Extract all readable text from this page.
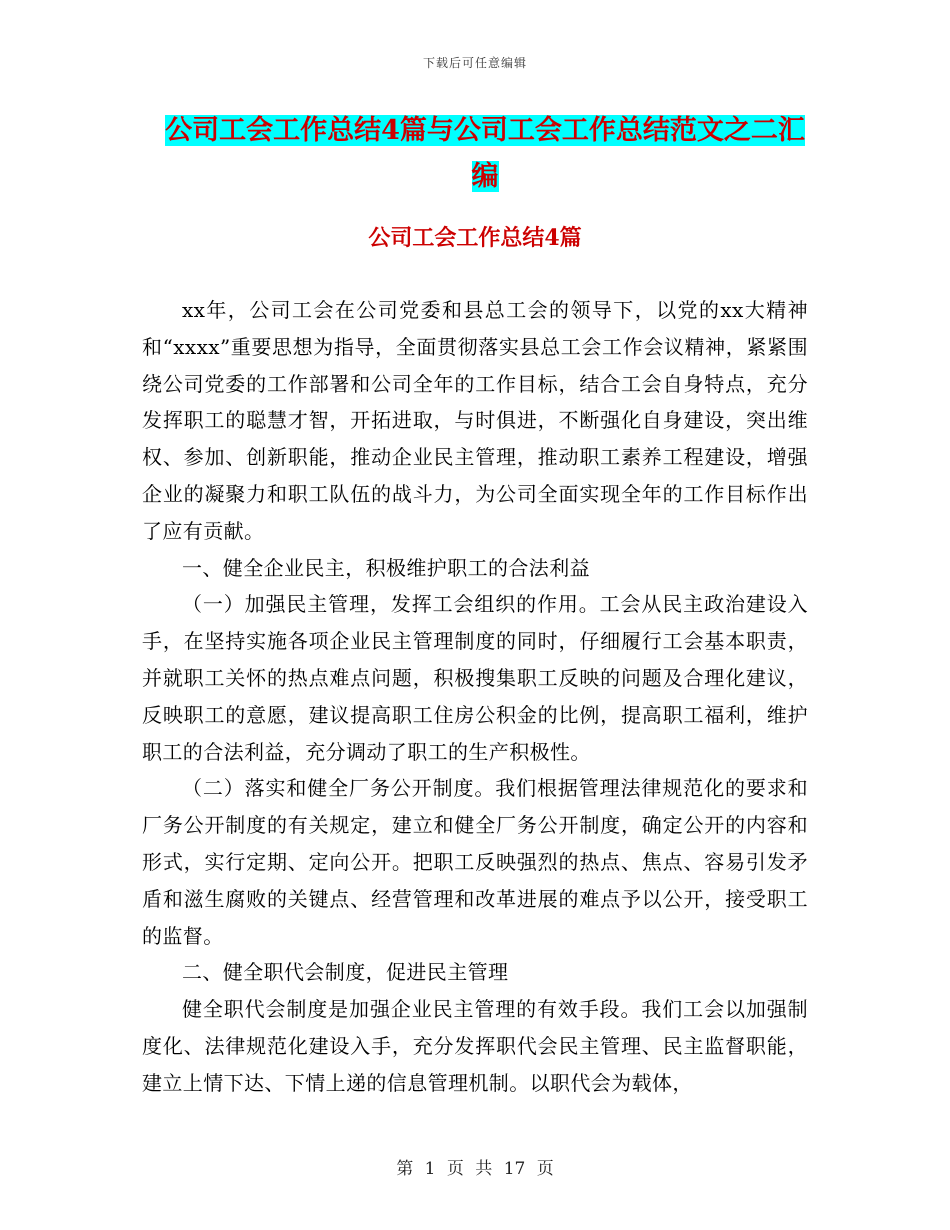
下载后可任意编辑
公司工会工作总结4篇与公司工会工作总结范文之二汇编
公司工会工作总结4篇

xx年，公司工会在公司党委和县总工会的领导下，以党的xx大精神和“xxxx”重要思想为指导，全面贯彻落实县总工会工作会议精神，紧紧围绕公司党委的工作部署和公司全年的工作目标，结合工会自身特点，充分发挥职工的聪慧才智，开拓进取，与时俱进，不断强化自身建设，突出维权、参加、创新职能，推动企业民主管理，推动职工素养工程建设，增强企业的凝聚力和职工队伍的战斗力，为公司全面实现全年的工作目标作出了应有贡献。

一、健全企业民主，积极维护职工的合法利益

（一）加强民主管理，发挥工会组织的作用。工会从民主政治建设入手，在坚持实施各项企业民主管理制度的同时，仔细履行工会基本职责，并就职工关怀的热点难点问题，积极搜集职工反映的问题及合理化建议，反映职工的意愿，建议提高职工住房公积金的比例，提高职工福利，维护职工的合法利益，充分调动了职工的生产积极性。

（二）落实和健全厂务公开制度。我们根据管理法律规范化的要求和厂务公开制度的有关规定，建立和健全厂务公开制度，确定公开的内容和形式，实行定期、定向公开。把职工反映强烈的热点、焦点、容易引发矛盾和滋生腐败的关键点、经营管理和改革进展的难点予以公开，接受职工的监督。

二、健全职代会制度，促进民主管理

健全职代会制度是加强企业民主管理的有效手段。我们工会以加强制度化、法律规范化建设入手，充分发挥职代会民主管理、民主监督职能，建立上情下达、下情上递的信息管理机制。以职代会为载体，

第 1 页 共 17 页
